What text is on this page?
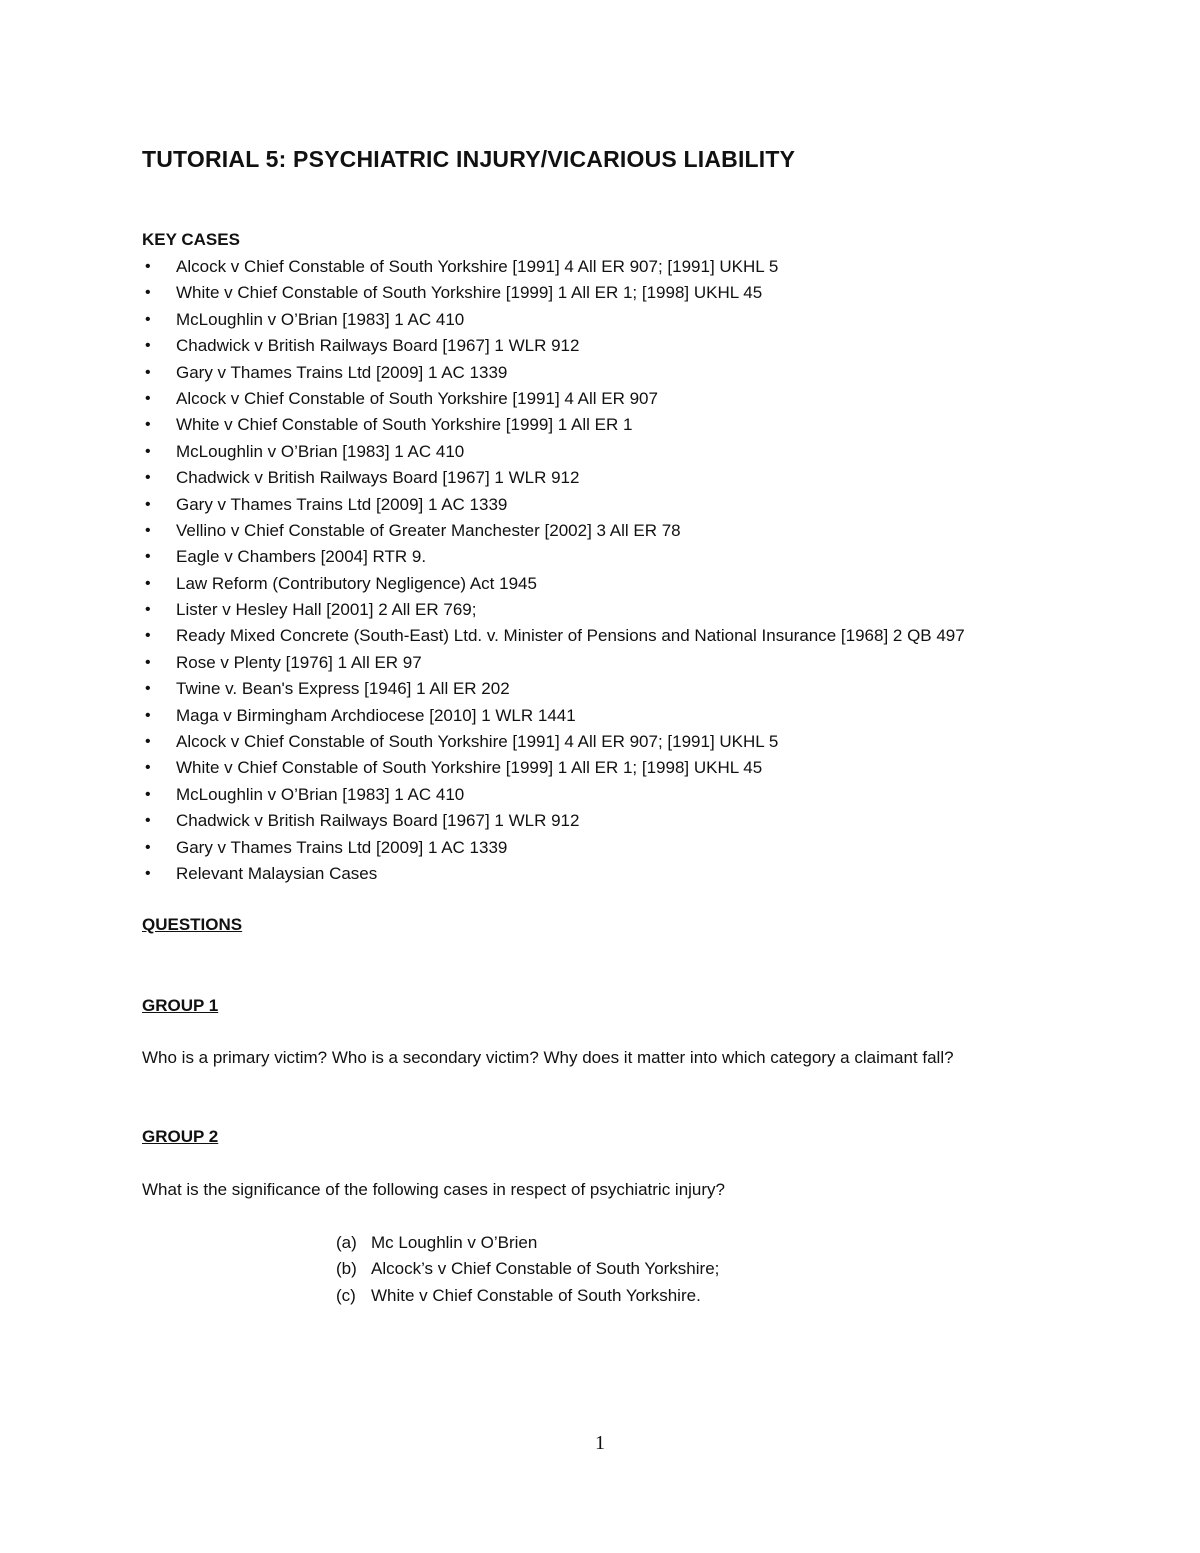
TUTORIAL 5: PSYCHIATRIC INJURY/VICARIOUS LIABILITY
KEY CASES
• Alcock v Chief Constable of South Yorkshire [1991] 4 All ER 907; [1991] UKHL 5
• White v Chief Constable of South Yorkshire [1999] 1 All ER 1; [1998] UKHL 45
• McLoughlin v O’Brian [1983] 1 AC 410
• Chadwick v British Railways Board [1967] 1 WLR 912
• Gary v Thames Trains Ltd [2009] 1 AC 1339
• Alcock v Chief Constable of South Yorkshire [1991] 4 All ER 907
• White v Chief Constable of South Yorkshire [1999] 1 All ER 1
• McLoughlin v O’Brian [1983] 1 AC 410
• Chadwick v British Railways Board [1967] 1 WLR 912
• Gary v Thames Trains Ltd [2009] 1 AC 1339
• Vellino v Chief Constable of Greater Manchester [2002] 3 All ER 78
• Eagle v Chambers [2004] RTR 9.
• Law Reform (Contributory Negligence) Act 1945
• Lister v Hesley Hall [2001] 2 All ER 769;
• Ready Mixed Concrete (South-East) Ltd. v. Minister of Pensions and National Insurance [1968] 2 QB 497
• Rose v Plenty [1976] 1 All ER 97
• Twine v. Bean's Express [1946] 1 All ER 202
• Maga v Birmingham Archdiocese [2010] 1 WLR 1441
• Alcock v Chief Constable of South Yorkshire [1991] 4 All ER 907; [1991] UKHL 5
• White v Chief Constable of South Yorkshire [1999] 1 All ER 1; [1998] UKHL 45
• McLoughlin v O’Brian [1983] 1 AC 410
• Chadwick v British Railways Board [1967] 1 WLR 912
• Gary v Thames Trains Ltd [2009] 1 AC 1339
• Relevant Malaysian Cases
QUESTIONS
GROUP 1
Who is a primary victim? Who is a secondary victim? Why does it matter into which category a claimant fall?
GROUP 2
What is the significance of the following cases in respect of psychiatric injury?
(a) Mc Loughlin v O’Brien
(b) Alcock’s v Chief Constable of South Yorkshire;
(c) White v Chief Constable of South Yorkshire.
1
